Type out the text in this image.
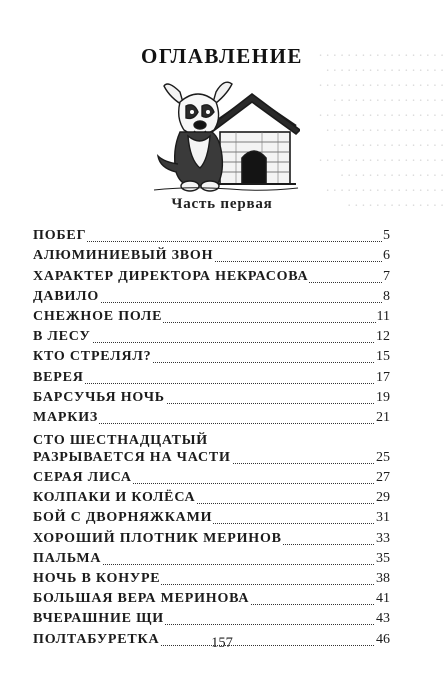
. . . . . . . . . . . . . . . . . .
. . . . . . . . . . . . . . . . .
. . . . . . . . . . . . . . . . . .
. . . . . . . . . . . . . . . .
. . . . . . . . . . . . . . . . . .
. . . . . . . . . . . . . . . . .
. . . . . . . . . . . . . . . .
. . . . . . . . . . . . . . . . . .
. . . . . . . . . . . . . . .
. . . . . . . . . . . . . . . . .
. . . . . . . . . . . . . .
ОГЛАВЛЕНИЕ
Часть первая
ПОБЕГ	5
АЛЮМИНИЕВЫЙ ЗВОН	6
ХАРАКТЕР ДИРЕКТОРА НЕКРАСОВА	7
ДАВИЛО	8
СНЕЖНОЕ ПОЛЕ	11
В ЛЕСУ	12
КТО СТРЕЛЯЛ?	15
ВЕРЕЯ	17
БАРСУЧЬЯ НОЧЬ	19
МАРКИЗ	21
СТО ШЕСТНАДЦАТЫЙ
РАЗРЫВАЕТСЯ НА ЧАСТИ	25
СЕРАЯ ЛИСА	27
КОЛПАКИ И КОЛЁСА	29
БОЙ С ДВОРНЯЖКАМИ	31
ХОРОШИЙ ПЛОТНИК МЕРИНОВ	33
ПАЛЬМА	35
НОЧЬ В КОНУРЕ	38
БОЛЬШАЯ ВЕРА МЕРИНОВА	41
ВЧЕРАШНИЕ ЩИ	43
ПОЛТАБУРЕТКА	46
157
